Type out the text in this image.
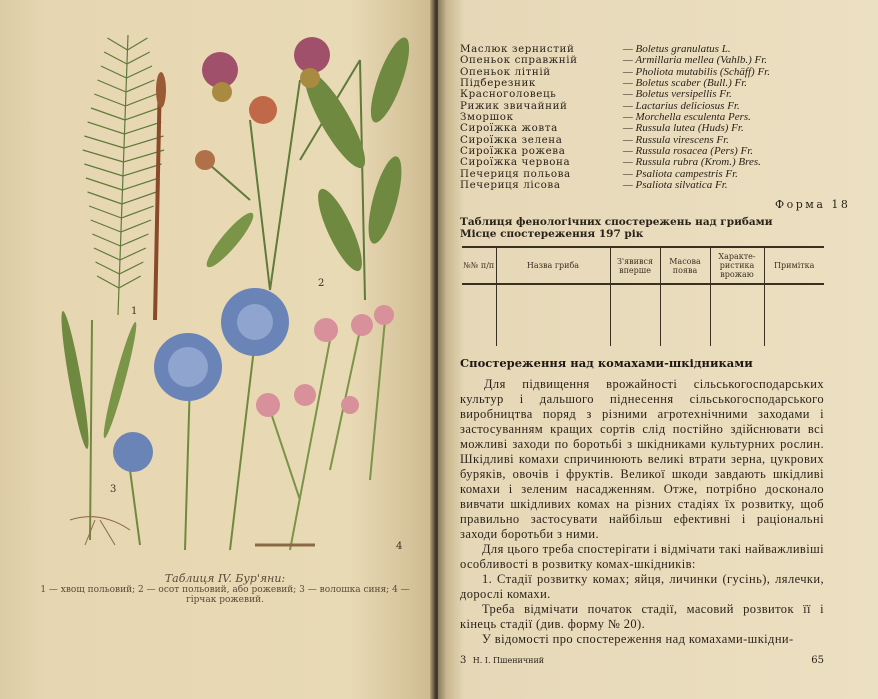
1
2
3
4
Таблиця IV. Бур'яни:
1 — хвощ польовий; 2 — осот польовий, або рожевий; 3 — волошка синя; 4 — гірчак рожевий.
Маслюк зернистий	— Boletus granulatus L.
Опеньок справжній	— Armillaria mellea (Vahlb.) Fr.
Опеньок літній	— Pholiota mutabilis (Schäff) Fr.
Підберезник	— Boletus scaber (Bull.) Fr.
Красноголовець	— Boletus versipellis Fr.
Рижик звичайний	— Lactarius deliciosus Fr.
Зморшок	— Morchella esculenta Pers.
Сироїжка жовта	— Russula lutea (Huds) Fr.
Сироїжка зелена	— Russula virescens Fr.
Сироїжка рожева	— Russula rosacea (Pers) Fr.
Сироїжка червона	— Russula rubra (Krom.) Bres.
Печериця польова	— Psaliota campestris Fr.
Печериця лісова	— Psaliota silvatica Fr.
Форма 18
Таблиця фенологічних спостережень над грибами
Місце спостереження 197 рік
№№ п/п	Назва гриба	З'явився вперше	Масова поява	Характе-ристика врожаю	Примітка

Спостереження над комахами-шкідниками

Для підвищення врожайності сільськогосподарських культур і дальшого піднесення сільськогосподарського виробництва поряд з різними агротехнічними заходами і застосуванням кращих сортів слід постійно здійснювати всі можливі заходи по боротьбі з шкідниками культурних рослин. Шкідливі комахи спричинюють великі втрати зерна, цукрових буряків, овочів і фруктів. Великої шкоди завдають шкідливі комахи і зеленим насадженням. Отже, потрібно досконало вивчати шкідливих комах на різних стадіях їх розвитку, щоб правильно застосувати найбільш ефективні і раціональні заходи боротьби з ними.

Для цього треба спостерігати і відмічати такі найважливіші особливості в розвитку комах-шкідників:

1. Стадії розвитку комах; яйця, личинки (гусінь), лялечки, дорослі комахи.

Треба відмічати початок стадії, масовий розвиток її і кінець стадії (див. форму № 20).

У відомості про спостереження над комахами-шкідни-

3 Н. І. Пшеничний	65
